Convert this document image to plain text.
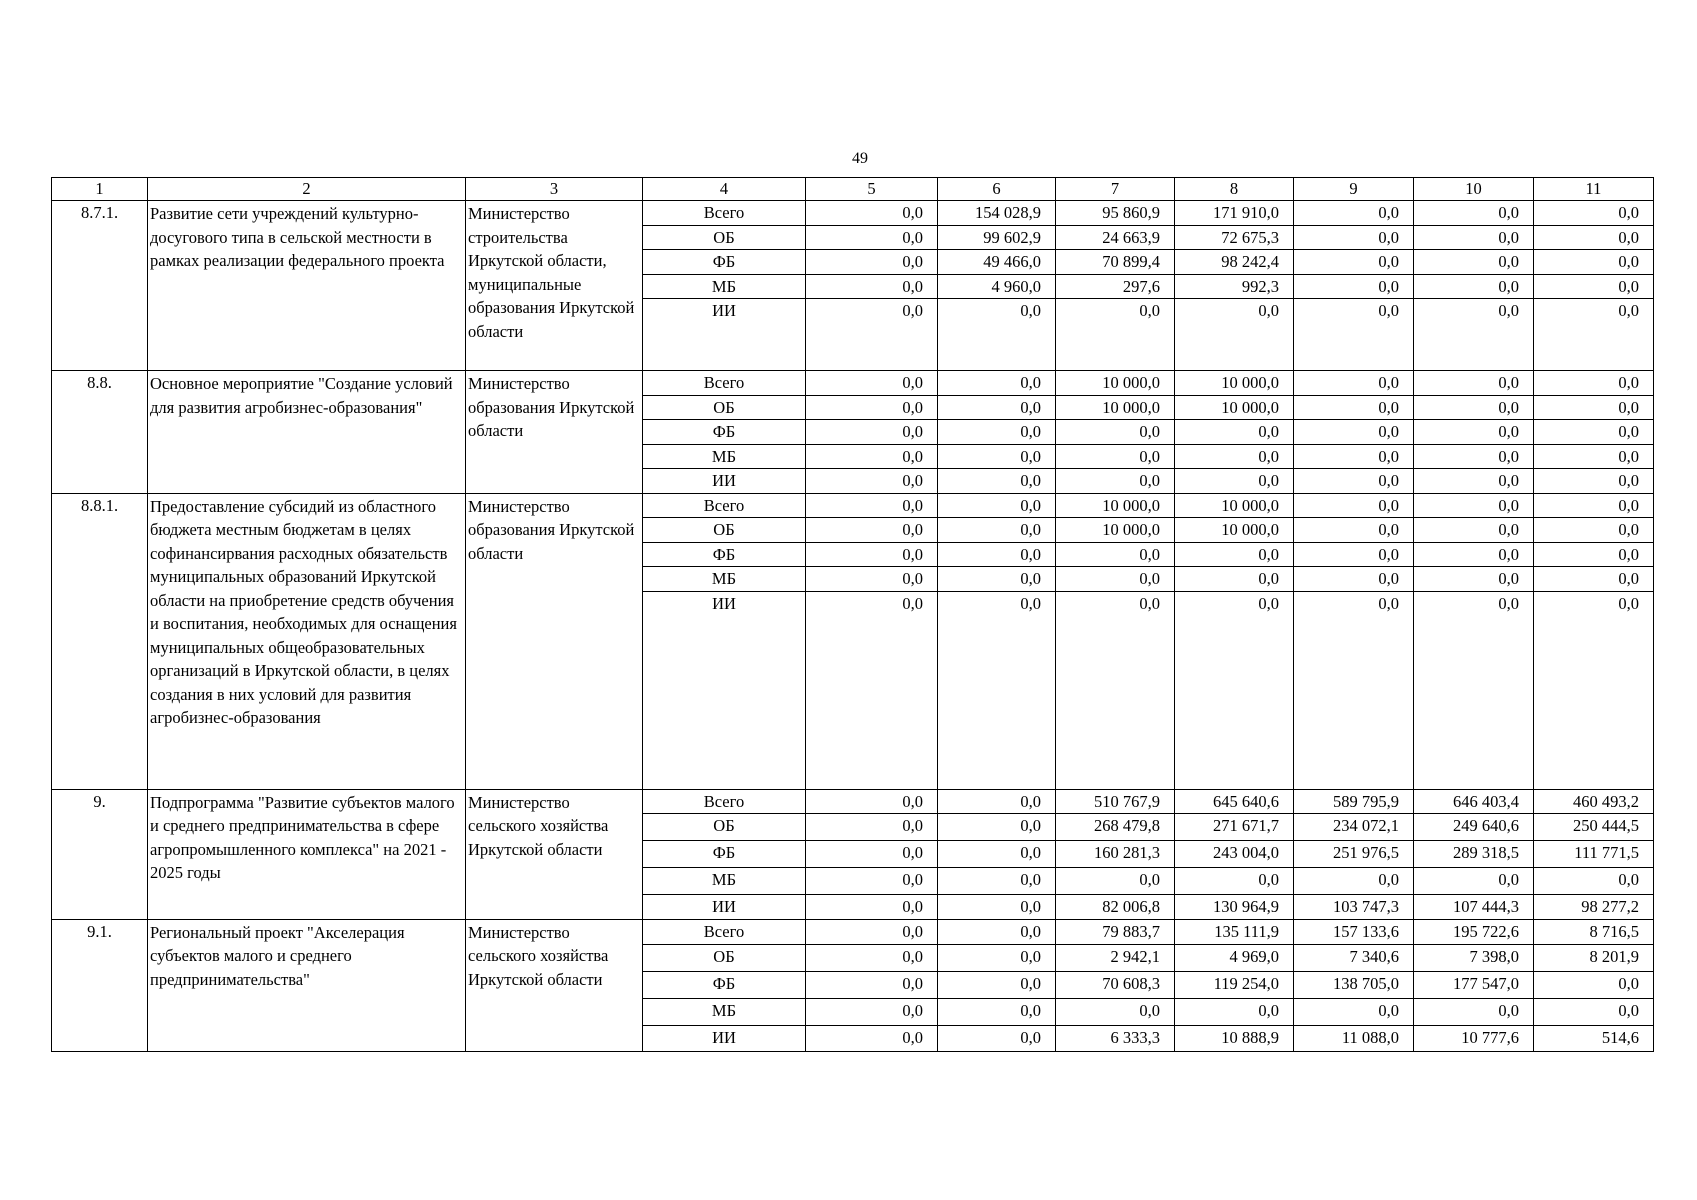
49
1	2	3	4	5	6	7	8	9	10	11
8.7.1.	Развитие сети учреждений культурно-досугового типа в сельской местности в рамках реализации федерального проекта	Министерство строительства Иркутской области, муниципальные образования Иркутской области	Всего	0,0	154 028,9	95 860,9	171 910,0	0,0	0,0	0,0
			ОБ	0,0	99 602,9	24 663,9	72 675,3	0,0	0,0	0,0
			ФБ	0,0	49 466,0	70 899,4	98 242,4	0,0	0,0	0,0
			МБ	0,0	4 960,0	297,6	992,3	0,0	0,0	0,0
			ИИ	0,0	0,0	0,0	0,0	0,0	0,0	0,0
8.8.	Основное мероприятие "Создание условий для развития агробизнес-образования"	Министерство образования Иркутской области	Всего	0,0	0,0	10 000,0	10 000,0	0,0	0,0	0,0
			ОБ	0,0	0,0	10 000,0	10 000,0	0,0	0,0	0,0
			ФБ	0,0	0,0	0,0	0,0	0,0	0,0	0,0
			МБ	0,0	0,0	0,0	0,0	0,0	0,0	0,0
			ИИ	0,0	0,0	0,0	0,0	0,0	0,0	0,0
8.8.1.	Предоставление субсидий из областного бюджета местным бюджетам в целях софинансирвания расходных обязательств муниципальных образований Иркутской области на приобретение средств обучения и воспитания, необходимых для оснащения муниципальных общеобразовательных организаций в Иркутской области, в целях создания в них условий для развития агробизнес-образования	Министерство образования Иркутской области	Всего	0,0	0,0	10 000,0	10 000,0	0,0	0,0	0,0
			ОБ	0,0	0,0	10 000,0	10 000,0	0,0	0,0	0,0
			ФБ	0,0	0,0	0,0	0,0	0,0	0,0	0,0
			МБ	0,0	0,0	0,0	0,0	0,0	0,0	0,0
			ИИ	0,0	0,0	0,0	0,0	0,0	0,0	0,0
9.	Подпрограмма "Развитие субъектов малого и среднего предпринимательства в сфере агропромышленного комплекса" на 2021 - 2025 годы	Министерство сельского хозяйства Иркутской области	Всего	0,0	0,0	510 767,9	645 640,6	589 795,9	646 403,4	460 493,2
			ОБ	0,0	0,0	268 479,8	271 671,7	234 072,1	249 640,6	250 444,5
			ФБ	0,0	0,0	160 281,3	243 004,0	251 976,5	289 318,5	111 771,5
			МБ	0,0	0,0	0,0	0,0	0,0	0,0	0,0
			ИИ	0,0	0,0	82 006,8	130 964,9	103 747,3	107 444,3	98 277,2
9.1.	Региональный проект "Акселерация субъектов малого и среднего предпринимательства"	Министерство сельского хозяйства Иркутской области	Всего	0,0	0,0	79 883,7	135 111,9	157 133,6	195 722,6	8 716,5
			ОБ	0,0	0,0	2 942,1	4 969,0	7 340,6	7 398,0	8 201,9
			ФБ	0,0	0,0	70 608,3	119 254,0	138 705,0	177 547,0	0,0
			МБ	0,0	0,0	0,0	0,0	0,0	0,0	0,0
			ИИ	0,0	0,0	6 333,3	10 888,9	11 088,0	10 777,6	514,6
